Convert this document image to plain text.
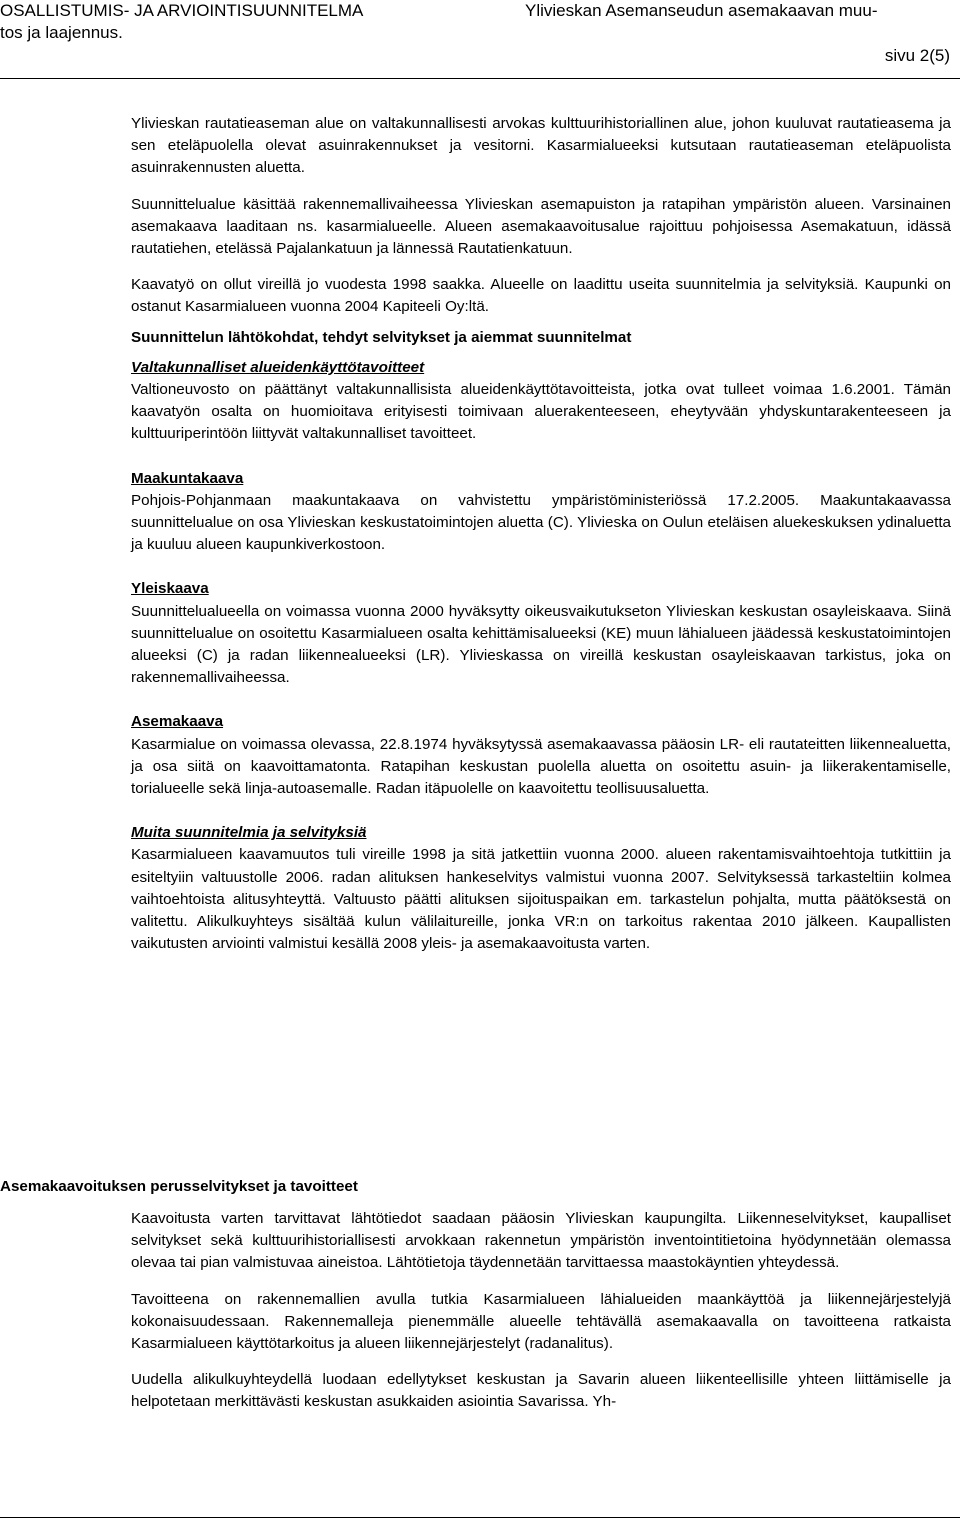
OSALLISTUMIS- JA ARVIOINTISUUNNITELMA	Ylivieskan Asemanseudun asemakaavan muu-
tos ja laajennus.
sivu 2(5)

Ylivieskan rautatieaseman alue on valtakunnallisesti arvokas kulttuurihistoriallinen alue, johon kuuluvat rautatieasema ja sen eteläpuolella olevat asuinrakennukset ja vesitorni. Kasarmialueeksi kutsutaan rautatieaseman eteläpuolista asuinrakennusten aluetta.

Suunnittelualue käsittää rakennemallivaiheessa Ylivieskan asemapuiston ja ratapihan ympäristön alueen. Varsinainen asemakaava laaditaan ns. kasarmialueelle. Alueen asemakaavoitusalue rajoittuu pohjoisessa Asemakatuun, idässä rautatiehen, etelässä Pajalankatuun ja lännessä Rautatienkatuun.

Kaavatyö on ollut vireillä jo vuodesta 1998 saakka. Alueelle on laadittu useita suunnitelmia ja selvityksiä. Kaupunki on ostanut Kasarmialueen vuonna 2004 Kapiteeli Oy:ltä.

Suunnittelun lähtökohdat, tehdyt selvitykset ja aiemmat suunnitelmat

Valtakunnalliset alueidenkäyttötavoitteet

Valtioneuvosto on päättänyt valtakunnallisista alueidenkäyttötavoitteista, jotka ovat tulleet voimaa 1.6.2001. Tämän kaavatyön osalta on huomioitava erityisesti toimivaan aluerakenteeseen, eheytyvään yhdyskuntarakenteeseen ja kulttuuriperintöön liittyvät valtakunnalliset tavoitteet.

Maakuntakaava

Pohjois-Pohjanmaan maakuntakaava on vahvistettu ympäristöministeriössä 17.2.2005. Maakuntakaavassa suunnittelualue on osa Ylivieskan keskustatoimintojen aluetta (C). Ylivieska on Oulun eteläisen aluekeskuksen ydinaluetta ja kuuluu alueen kaupunkiverkostoon.

Yleiskaava

Suunnittelualueella on voimassa vuonna 2000 hyväksytty oikeusvaikutukseton Ylivieskan keskustan osayleiskaava. Siinä suunnittelualue on osoitettu Kasarmialueen osalta kehittämisalueeksi (KE) muun lähialueen jäädessä keskustatoimintojen alueeksi (C) ja radan liikennealueeksi (LR). Ylivieskassa on vireillä keskustan osayleiskaavan tarkistus, joka on rakennemallivaiheessa.

Asemakaava

Kasarmialue on voimassa olevassa, 22.8.1974 hyväksytyssä asemakaavassa pääosin LR- eli rautateitten liikennealuetta, ja osa siitä on kaavoittamatonta. Ratapihan keskustan puolella aluetta on osoitettu asuin- ja liikerakentamiselle, torialueelle sekä linja-autoasemalle. Radan itäpuolelle on kaavoitettu teollisuusaluetta.

Muita suunnitelmia ja selvityksiä

Kasarmialueen kaavamuutos tuli vireille 1998 ja sitä jatkettiin vuonna 2000. alueen rakentamisvaihtoehtoja tutkittiin ja esiteltyiin valtuustolle 2006. radan alituksen hankeselvitys valmistui vuonna 2007. Selvityksessä tarkasteltiin kolmea vaihtoehtoista alitusyhteyttä. Valtuusto päätti alituksen sijoituspaikan em. tarkastelun pohjalta, mutta päätöksestä on valitettu. Alikulkuyhteys sisältää kulun välilaitureille, jonka VR:n on tarkoitus rakentaa 2010 jälkeen. Kaupallisten vaikutusten arviointi valmistui kesällä 2008 yleis- ja asemakaavoitusta varten.

Asemakaavoituksen perusselvitykset ja tavoitteet

Kaavoitusta varten tarvittavat lähtötiedot saadaan pääosin Ylivieskan kaupungilta. Liikenneselvitykset, kaupalliset selvitykset sekä kulttuurihistoriallisesti arvokkaan rakennetun ympäristön inventointitietoina hyödynnetään olemassa olevaa tai pian valmistuvaa aineistoa. Lähtötietoja täydennetään tarvittaessa maastokäyntien yhteydessä.

Tavoitteena on rakennemallien avulla tutkia Kasarmialueen lähialueiden maankäyttöä ja liikennejärjestelyjä kokonaisuudessaan. Rakennemalleja pienemmälle alueelle tehtävällä asemakaavalla on tavoitteena ratkaista Kasarmialueen käyttötarkoitus ja alueen liikennejärjestelyt (radanalitus).

Uudella alikulkuyhteydellä luodaan edellytykset keskustan ja Savarin alueen liikenteellisille yhteen liittämiselle ja helpotetaan merkittävästi keskustan asukkaiden asiointia Savarissa. Yh-
